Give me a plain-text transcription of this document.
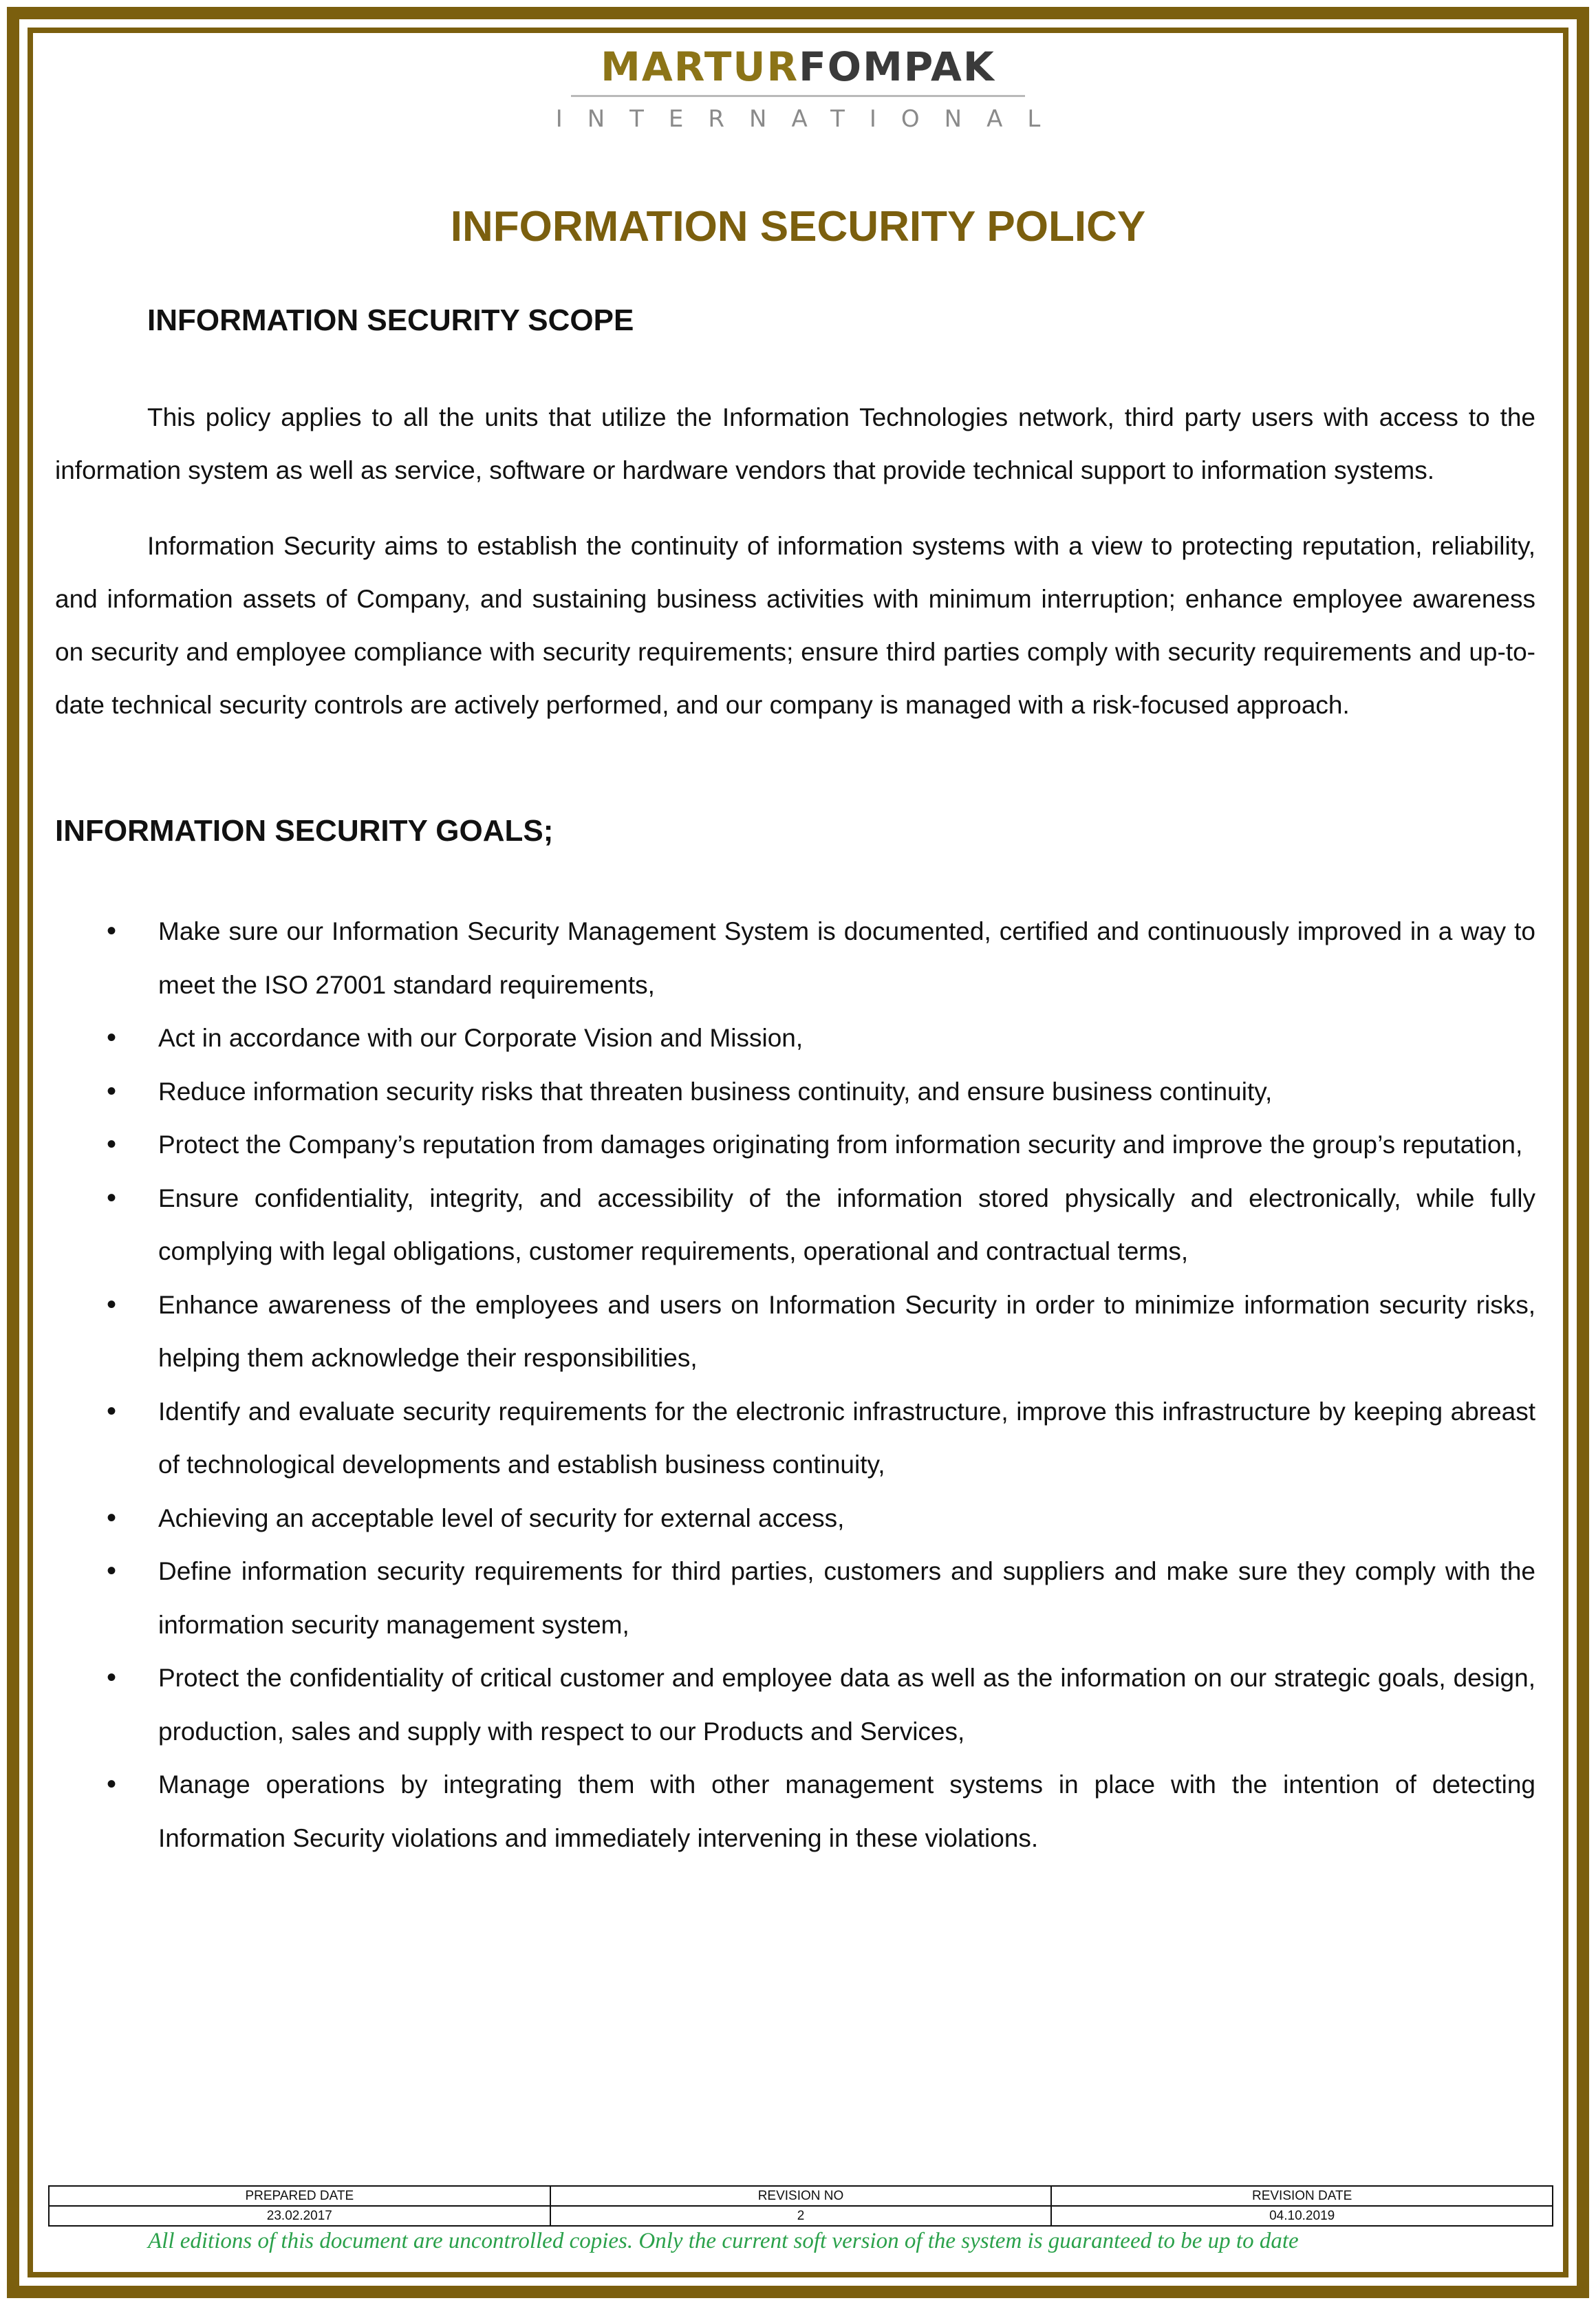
MARTURFOMPAK
INTERNATIONAL
INFORMATION SECURITY POLICY
INFORMATION SECURITY SCOPE

This policy applies to all the units that utilize the Information Technologies network, third party users with access to the information system as well as service, software or hardware vendors that provide technical support to information systems.

Information Security aims to establish the continuity of information systems with a view to protecting reputation, reliability, and information assets of Company, and sustaining business activities with minimum interruption; enhance employee awareness on security and employee compliance with security requirements; ensure third parties comply with security requirements and up-to-date technical security controls are actively performed, and our company is managed with a risk-focused approach.

INFORMATION SECURITY GOALS;
• Make sure our Information Security Management System is documented, certified and continuously improved in a way to meet the ISO 27001 standard requirements,
• Act in accordance with our Corporate Vision and Mission,
• Reduce information security risks that threaten business continuity, and ensure business continuity,
• Protect the Company’s reputation from damages originating from information security and improve the group’s reputation,
• Ensure confidentiality, integrity, and accessibility of the information stored physically and electronically, while fully complying with legal obligations, customer requirements, operational and contractual terms,
• Enhance awareness of the employees and users on Information Security in order to minimize information security risks, helping them acknowledge their responsibilities,
• Identify and evaluate security requirements for the electronic infrastructure, improve this infrastructure by keeping abreast of technological developments and establish business continuity,
• Achieving an acceptable level of security for external access,
• Define information security requirements for third parties, customers and suppliers and make sure they comply with the information security management system,
• Protect the confidentiality of critical customer and employee data as well as the information on our strategic goals, design, production, sales and supply with respect to our Products and Services,
• Manage operations by integrating them with other management systems in place with the intention of detecting Information Security violations and immediately intervening in these violations.
PREPARED DATE	REVISION NO	REVISION DATE
23.02.2017	2	04.10.2019
All editions of this document are uncontrolled copies. Only the current soft version of the system is guaranteed to be up to date
